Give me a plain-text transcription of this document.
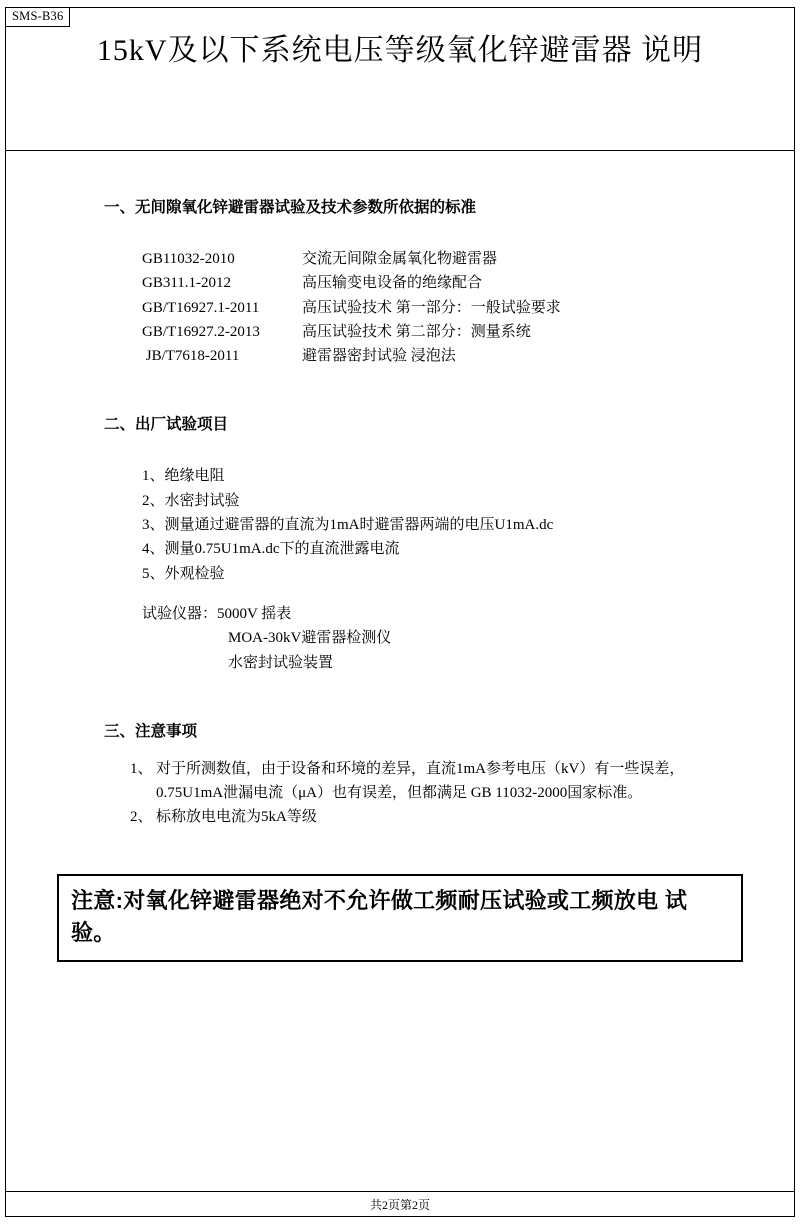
SMS-B36
15kV及以下系统电压等级氧化锌避雷器 说明
一、无间隙氧化锌避雷器试验及技术参数所依据的标准
GB11032-2010	交流无间隙金属氧化物避雷器
GB311.1-2012	高压输变电设备的绝缘配合
GB/T16927.1-2011	高压试验技术 第一部分：一般试验要求
GB/T16927.2-2013	高压试验技术 第二部分：测量系统
JB/T7618-2011	避雷器密封试验 浸泡法
二、出厂试验项目
1、绝缘电阻
2、水密封试验
3、测量通过避雷器的直流为1mA时避雷器两端的电压U1mA.dc
4、测量0.75U1mA.dc下的直流泄露电流
5、外观检验
试验仪器：5000V 摇表
MOA-30kV避雷器检测仪
水密封试验装置
三、注意事项
1、 对于所测数值，由于设备和环境的差异，直流1mA参考电压（kV）有一些误差，
0.75U1mA泄漏电流（μA）也有误差，但都满足 GB 11032-2000国家标准。
2、 标称放电电流为5kA等级
注意:对氧化锌避雷器绝对不允许做工频耐压试验或工频放电 试验。
共2页第2页
